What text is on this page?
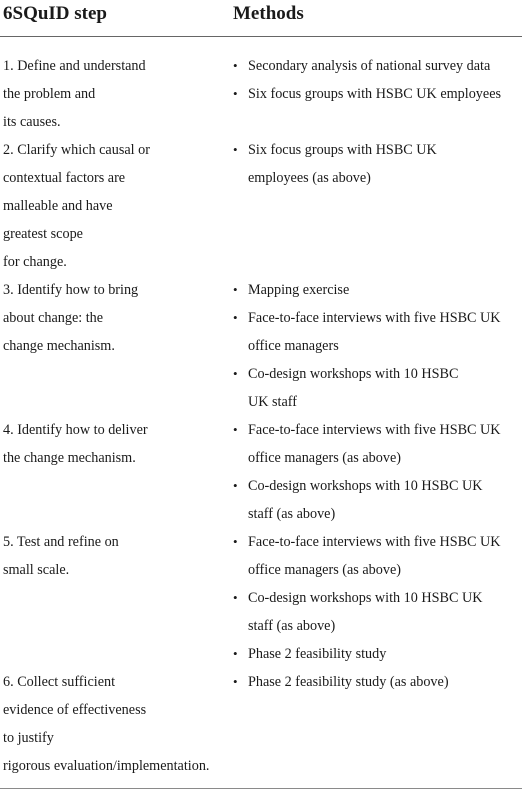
6SQuID step	Methods
1. Define and understand
the problem and
its causes.
• Secondary analysis of national survey data
• Six focus groups with HSBC UK employees
2. Clarify which causal or
contextual factors are
malleable and have
greatest scope
for change.
• Six focus groups with HSBC UK
employees (as above)
3. Identify how to bring
about change: the
change mechanism.
• Mapping exercise
• Face-to-face interviews with five HSBC UK
office managers
• Co-design workshops with 10 HSBC
UK staff
4. Identify how to deliver
the change mechanism.
• Face-to-face interviews with five HSBC UK
office managers (as above)
• Co-design workshops with 10 HSBC UK
staff (as above)
5. Test and refine on
small scale.
• Face-to-face interviews with five HSBC UK
office managers (as above)
• Co-design workshops with 10 HSBC UK
staff (as above)
• Phase 2 feasibility study
6. Collect sufficient
evidence of effectiveness
to justify
rigorous evaluation/implementation.
• Phase 2 feasibility study (as above)
